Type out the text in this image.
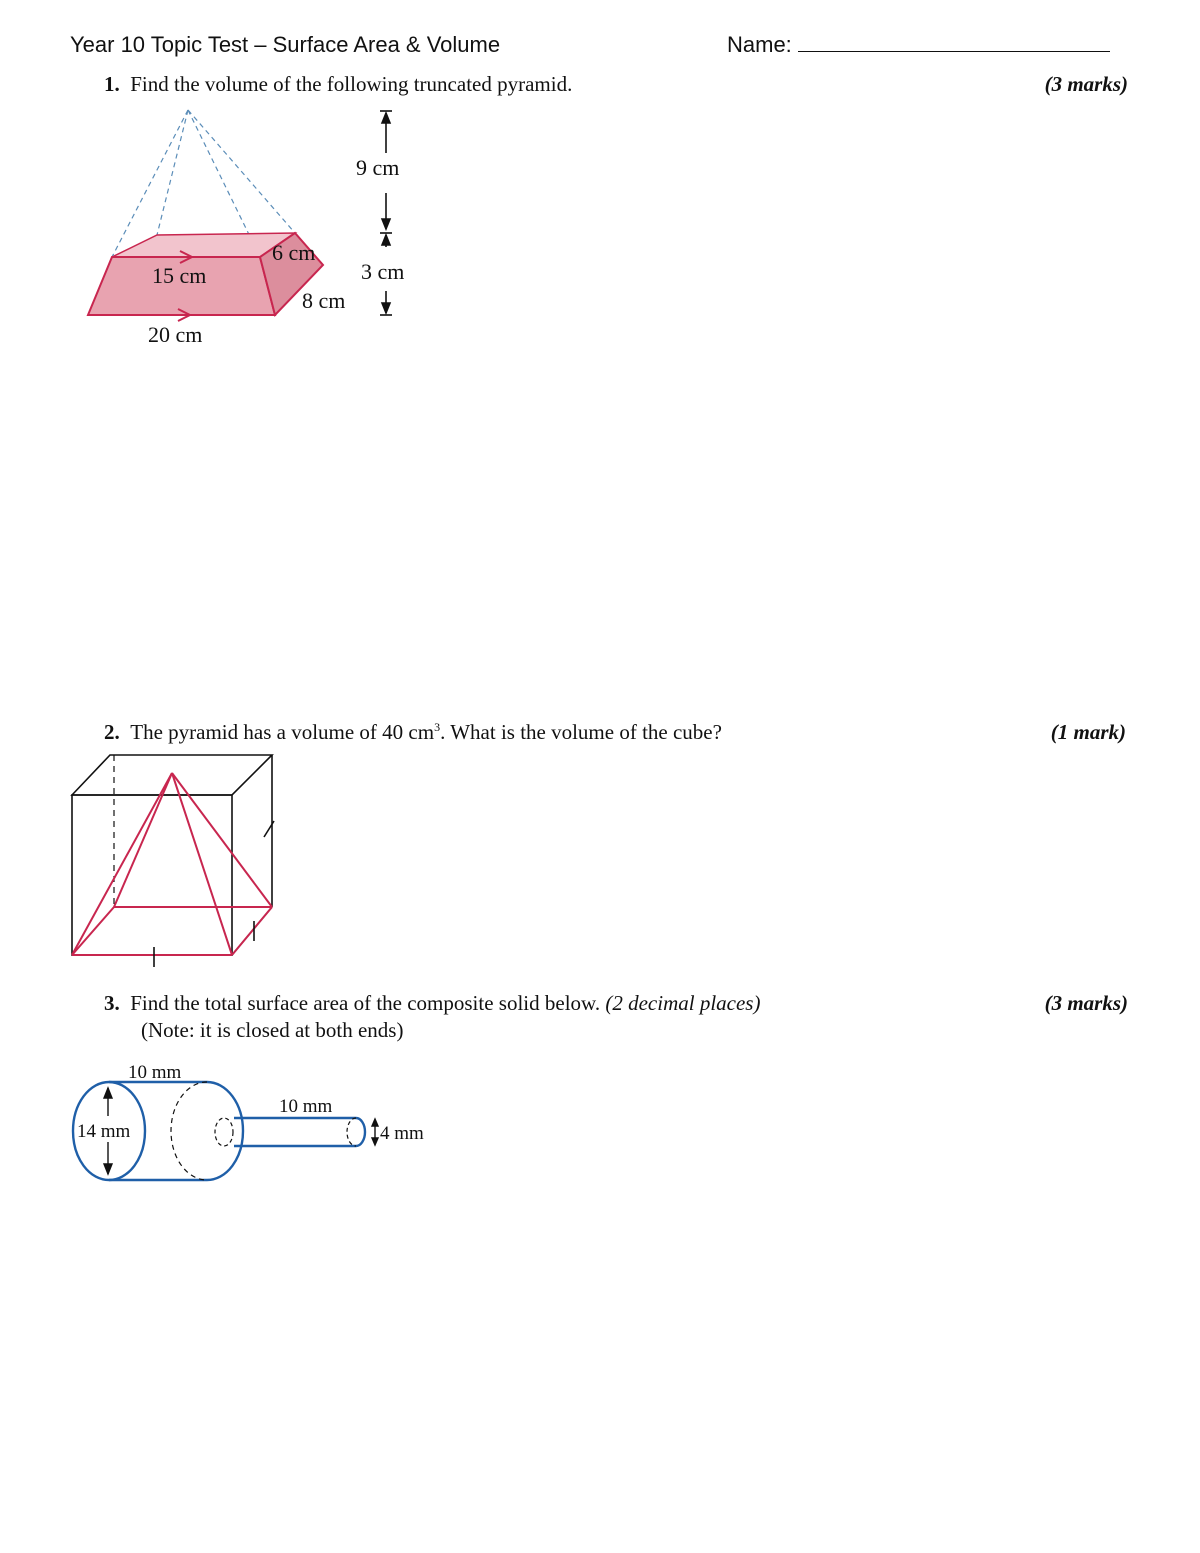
Year 10 Topic Test – Surface Area & Volume	Name:
1. Find the volume of the following truncated pyramid.	(3 marks)
9 cm
3 cm
15 cm
6 cm
20 cm
8 cm
2. The pyramid has a volume of 40 $cm^3$. What is the volume of the cube?	(1 mark)
3. Find the total surface area of the composite solid below. (2 decimal places)
(Note: it is closed at both ends)
(3 marks)
10 mm
14 mm
10 mm
4 mm
